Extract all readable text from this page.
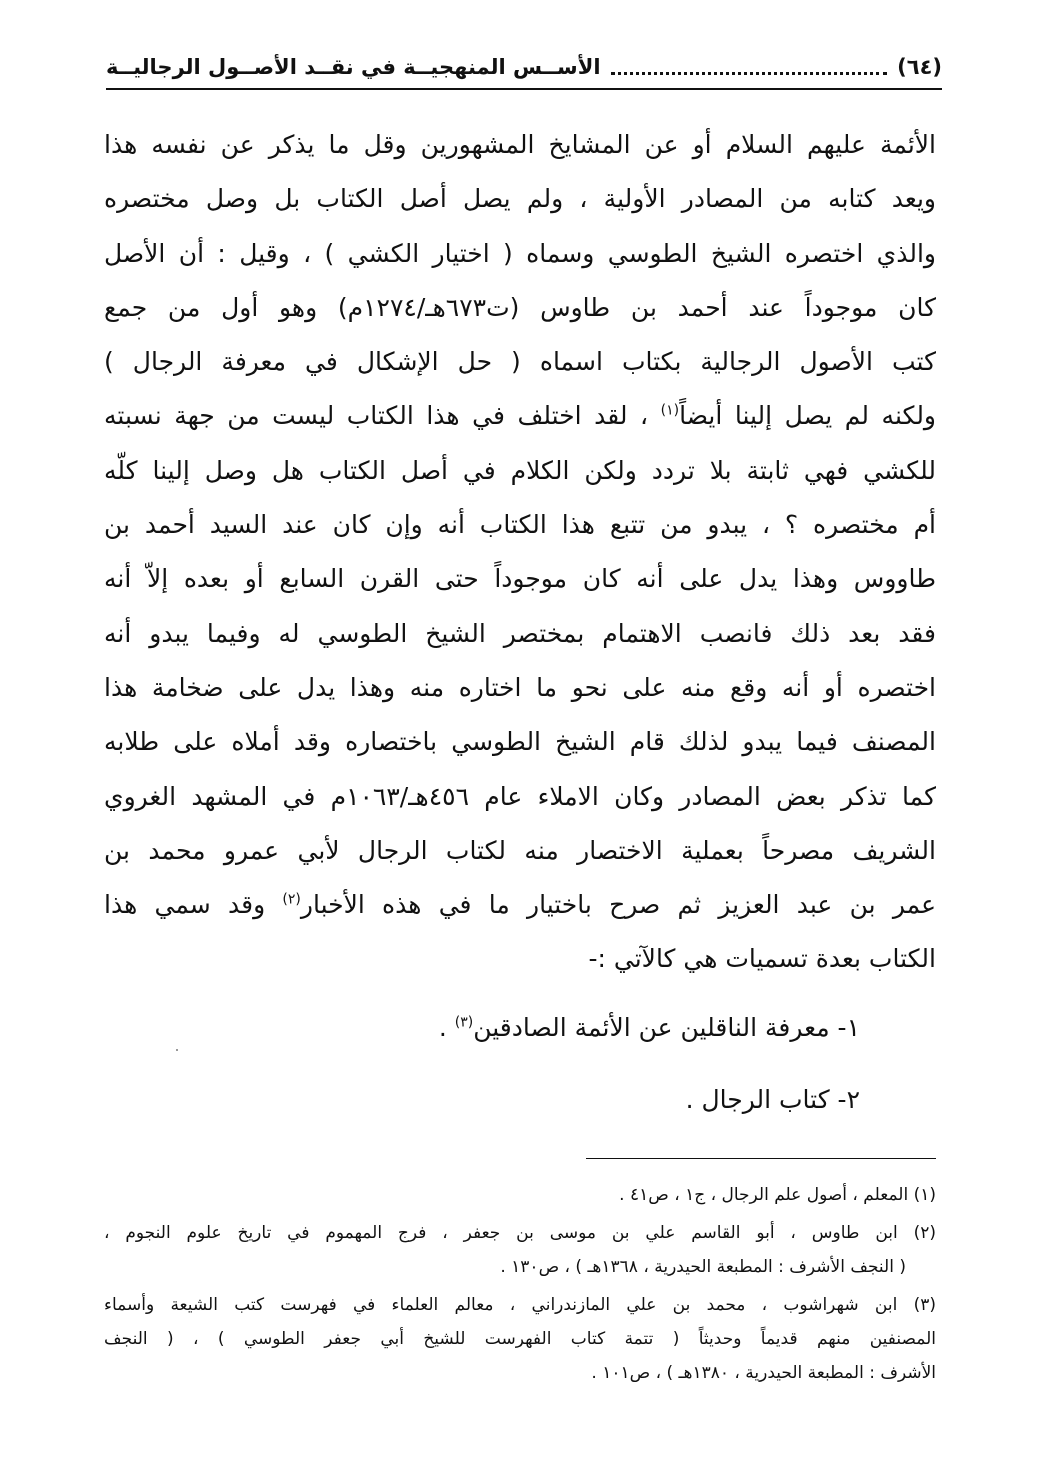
(٦٤)
الأســس المنهجيــة في نقــد الأصــول الرجاليــة
الأئمة عليهم السلام أو عن المشايخ المشهورين وقل ما يذكر عن نفسه هذا
ويعد كتابه من المصادر الأولية ، ولم يصل أصل الكتاب بل وصل مختصره
والذي اختصره الشيخ الطوسي وسماه ( اختيار الكشي ) ، وقيل : أن الأصل
كان موجوداً عند أحمد بن طاوس (ت٦٧٣هـ/١٢٧٤م) وهو أول من جمع
كتب الأصول الرجالية بكتاب اسماه ( حل الإشكال في معرفة الرجال )
ولكنه لم يصل إلينا أيضاً$^{(١)}$ ، لقد اختلف في هذا الكتاب ليست من جهة نسبته
للكشي فهي ثابتة بلا تردد ولكن الكلام في أصل الكتاب هل وصل إلينا كلّه
أم مختصره ؟ ، يبدو من تتبع هذا الكتاب أنه وإن كان عند السيد أحمد بن
طاووس وهذا يدل على أنه كان موجوداً حتى القرن السابع أو بعده إلاّ أنه
فقد بعد ذلك فانصب الاهتمام بمختصر الشيخ الطوسي له وفيما يبدو أنه
اختصره أو أنه وقع منه على نحو ما اختاره منه وهذا يدل على ضخامة هذا
المصنف فيما يبدو لذلك قام الشيخ الطوسي باختصاره وقد أملاه على طلابه
كما تذكر بعض المصادر وكان الاملاء عام ٤٥٦هـ/١٠٦٣م في المشهد الغروي
الشريف مصرحاً بعملية الاختصار منه لكتاب الرجال لأبي عمرو محمد بن
عمر بن عبد العزيز ثم صرح باختيار ما في هذه الأخبار$^{(٢)}$ وقد سمي هذا
الكتاب بعدة تسميات هي كالآتي :-
١- معرفة الناقلين عن الأئمة الصادقين$^{(٣)}$ .
٢- كتاب الرجال .
(١) المعلم ، أصول علم الرجال ، ج١ ، ص٤١ .
(٢) ابن طاوس ، أبو القاسم علي بن موسى بن جعفر ، فرج المهموم في تاريخ علوم النجوم ،
( النجف الأشرف : المطبعة الحيدرية ، ١٣٦٨هـ ) ، ص١٣٠ .
(٣) ابن شهراشوب ، محمد بن علي المازندراني ، معالم العلماء في فهرست كتب الشيعة وأسماء
المصنفين منهم قديماً وحديثاً ( تتمة كتاب الفهرست للشيخ أبي جعفر الطوسي ) ، ( النجف
الأشرف : المطبعة الحيدرية ، ١٣٨٠هـ ) ، ص١٠١ .
